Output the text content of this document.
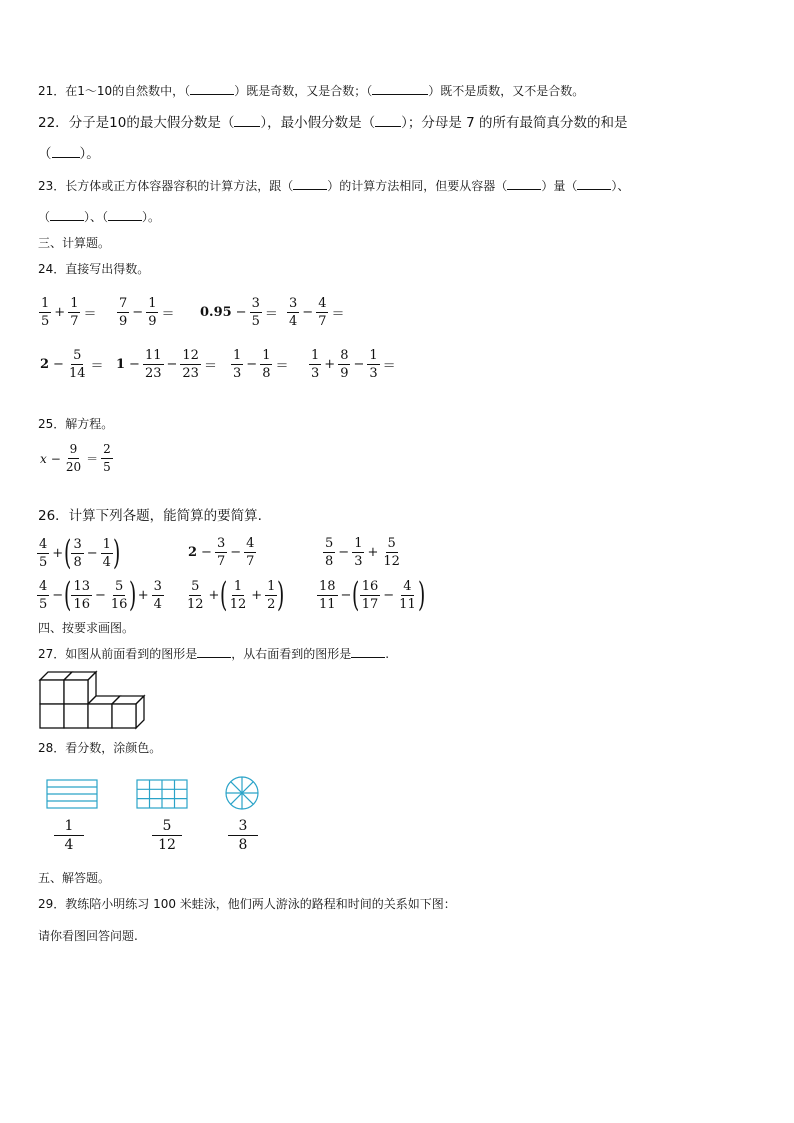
21．在1～10的自然数中，（	）既是奇数，又是合数；（	）既不是质数，又不是合数。
22．分子是10的最大假分数是（ ），最小假分数是（ ）；分母是 7 的所有最简真分数的和是
（ ）。
23．长方体或正方体容器容积的计算方法，跟（	）的计算方法相同，但要从容器（	）量（	）、
（	）、（	）。
三、计算题。
24．直接写出得数。
$\frac{1}{5} + \frac{1}{7} = \frac{7}{9} - \frac{1}{9} = 0.95 - \frac{3}{5} = \frac{3}{4} - \frac{4}{7}$ ＝
$2 - \frac{5}{14} = 1 - \frac{11}{23} - \frac{12}{23} = \frac{1}{3} - \frac{1}{8} = \frac{1}{3} + \frac{8}{9} - \frac{1}{3}$ ＝
25．解方程。
$x - \frac{9}{20} = \frac{2}{5}$
26．计算下列各题，能简算的要简算.
$\frac{4}{5}$ +( $\frac{3}{8} - \frac{1}{4}$ )	$2 - \frac{3}{7} - \frac{4}{7}$	$\frac{5}{8} - \frac{1}{3} + \frac{5}{12}$
$\frac{4}{5}$ −( $\frac{13}{16} - \frac{5}{16}$ )+ $\frac{3}{4} \frac{5}{12}$ +( $\frac{1}{12} + \frac{1}{2}$ ) $\frac{18}{11}$ −( $\frac{16}{17} - \frac{4}{11}$ )
四、按要求画图。
27．如图从前面看到的图形是	，从右面看到的图形是	.
28．看分数，涂颜色。
1
4
5
12
3
8
五、解答题。
29．教练陪小明练习 100 米蛙泳，他们两人游泳的路程和时间的关系如下图：
请你看图回答问题.
